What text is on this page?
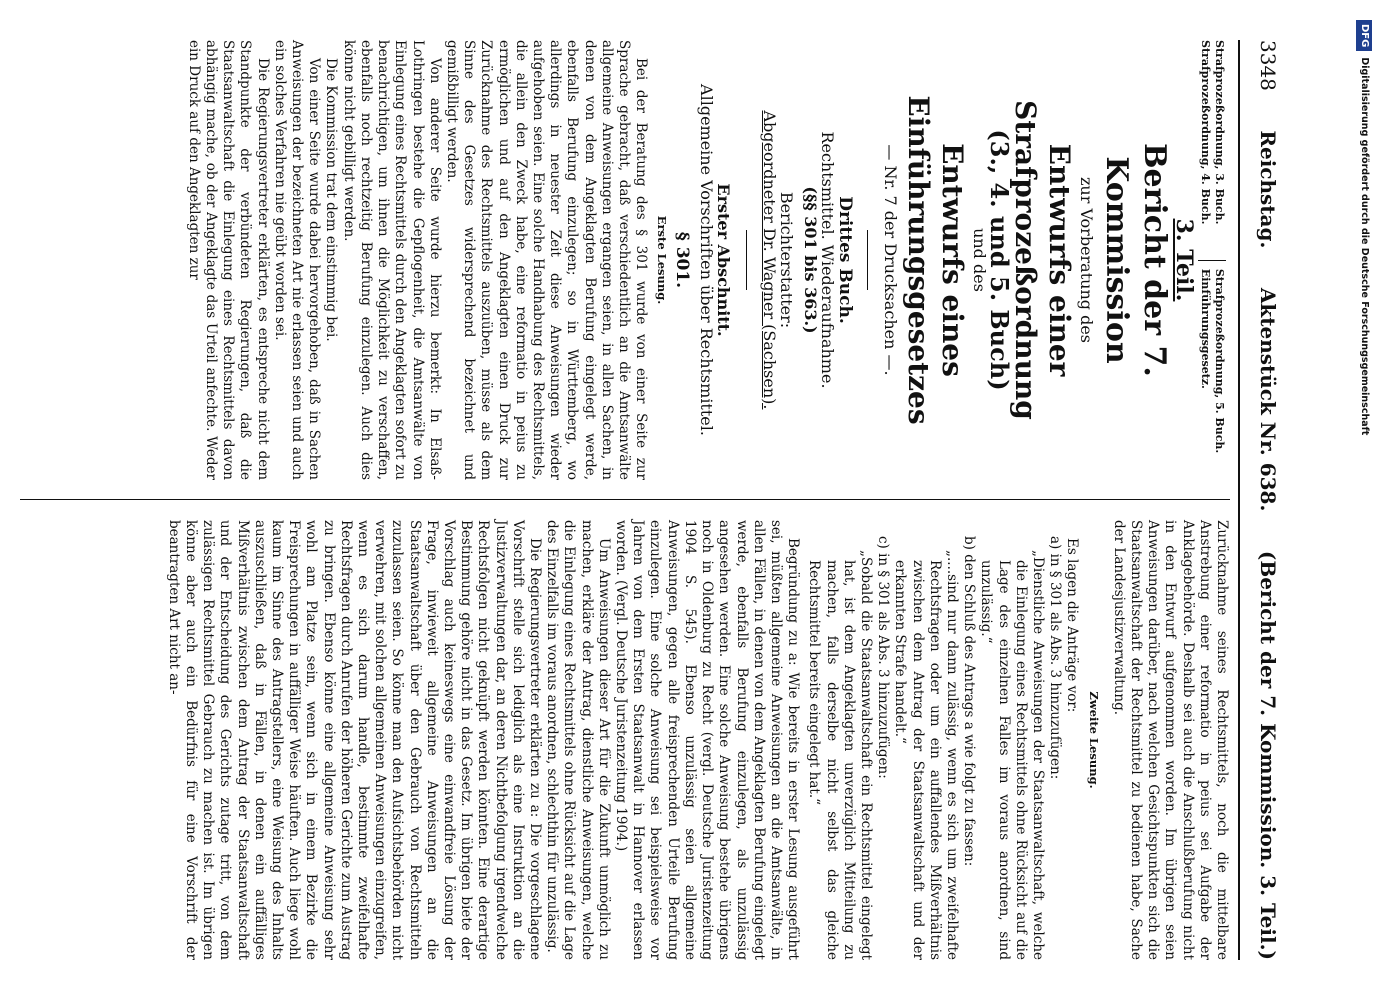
3348
Reichstag.
Aktenstück Nr. 638.
(Bericht der 7. Kommission. 3. Teil.)
Strafprozeßordnung, 3. Buch.
Strafprozeßordnung, 4. Buch.
Strafprozeßordnung, 5. Buch.
Einführungsgesetz.
3. Teil.
Bericht der 7. Kommission
zur Vorberatung des
Entwurfs einer Strafprozeßordnung
(3., 4. und 5. Buch)
und des
Entwurfs eines Einführungsgesetzes
— Nr. 7 der Drucksachen —.
Drittes Buch.
Rechtsmittel. Wiederaufnahme.
(§§ 301 bis 363.)
Berichterstatter:
Abgeordneter Dr. Wagner (Sachsen).
Erster Abschnitt.
Allgemeine Vorschriften über Rechtsmittel.
§ 301.
Erste Lesung.

Bei der Beratung des § 301 wurde von einer Seite zur Sprache gebracht, daß verschiedentlich an die Amtsanwälte allgemeine Anweisungen ergangen seien, in allen Sachen, in denen von dem Angeklagten Berufung eingelegt werde, ebenfalls Berufung einzulegen; so in Württemberg, wo allerdings in neuester Zeit diese Anweisungen wieder aufgehoben seien. Eine solche Handhabung des Rechtsmittels, die allein den Zweck habe, eine reformatio in peius zu ermöglichen und auf den Angeklagten einen Druck zur Zurücknahme des Rechtsmittels auszuüben, müsse als dem Sinne des Gesetzes widersprechend bezeichnet und gemißbilligt werden.

Von anderer Seite wurde hierzu bemerkt: In Elsaß-Lothringen bestehe die Gepflogenheit, die Amtsanwälte von Einlegung eines Rechtsmittels durch den Angeklagten sofort zu benachrichtigen, um ihnen die Möglichkeit zu verschaffen, ebenfalls noch rechtzeitig Berufung einzulegen. Auch dies könne nicht gebilligt werden.

Die Kommission trat dem einstimmig bei.

Von einer Seite wurde dabei hervorgehoben, daß in Sachen Anweisungen der bezeichneten Art nie erlassen seien und auch ein solches Verfahren nie geübt worden sei.

Die Regierungsvertreter erklärten, es entspreche nicht dem Standpunkte der verbündeten Regierungen, daß die Staatsanwaltschaft die Einlegung eines Rechtsmittels davon abhängig mache, ob der Angeklagte das Urteil anfechte. Weder ein Druck auf den Angeklagten zur

Zurücknahme seines Rechtsmittels, noch die mittelbare Anstrebung einer reformatio in peius sei Aufgabe der Anklagebehörde. Deshalb sei auch die Anschlußberufung nicht in den Entwurf aufgenommen worden. Im übrigen seien Anweisungen darüber, nach welchen Gesichtspunkten sich die Staatsanwaltschaft der Rechtsmittel zu bedienen habe, Sache der Landesjustizverwaltung.

Zweite Lesung.

Es lagen die Anträge vor:

a) in § 301 als Abs. 3 hinzuzufügen:

„Dienstliche Anweisungen der Staatsanwaltschaft, welche die Einlegung eines Rechtsmittels ohne Rücksicht auf die Lage des einzelnen Falles im voraus anordnen, sind unzulässig.“

b) den Schluß des Antrags a wie folgt zu fassen:

„....sind nur dann zulässig, wenn es sich um zweifelhafte Rechtsfragen oder um ein auffallendes Mißverhältnis zwischen dem Antrag der Staatsanwaltschaft und der erkannten Strafe handelt.“

c) in § 301 als Abs. 3 hinzuzufügen:

„Sobald die Staatsanwaltschaft ein Rechtsmittel eingelegt hat, ist dem Angeklagten unverzüglich Mitteilung zu machen, falls derselbe nicht selbst das gleiche Rechtsmittel bereits eingelegt hat.“

Begründung zu a: Wie bereits in erster Lesung ausgeführt sei, müßten allgemeine Anweisungen an die Amtsanwälte, in allen Fällen, in denen von dem Angeklagten Berufung eingelegt werde, ebenfalls Berufung einzulegen, als unzulässig angesehen werden. Eine solche Anweisung bestehe übrigens noch in Oldenburg zu Recht (vergl. Deutsche Juristenzeitung 1904 S. 545). Ebenso unzulässig seien allgemeine Anweisungen, gegen alle freisprechenden Urteile Berufung einzulegen. Eine solche Anweisung sei beispielsweise vor Jahren von dem Ersten Staatsanwalt in Hannover erlassen worden. (Vergl. Deutsche Juristenzeitung 1904.)

Um Anweisungen dieser Art für die Zukunft unmöglich zu machen, erkläre der Antrag, dienstliche Anweisungen, welche die Einlegung eines Rechtsmittels ohne Rücksicht auf die Lage des Einzelfalls im voraus anordnen, schlechthin für unzulässig.

Die Regierungsvertreter erklärten zu a: Die vorgeschlagene Vorschrift stelle sich lediglich als eine Instruktion an die Justizverwaltungen dar, an deren Nichtbefolgung irgendwelche Rechtsfolgen nicht geknüpft werden könnten. Eine derartige Bestimmung gehöre nicht in das Gesetz. Im übrigen biete der Vorschlag auch keineswegs eine einwandfreie Lösung der Frage, inwieweit allgemeine Anweisungen an die Staatsanwaltschaft über den Gebrauch von Rechtsmitteln zuzulassen seien. So könne man den Aufsichtsbehörden nicht verwehren, mit solchen allgemeinen Anweisungen einzugreifen, wenn es sich darum handle, bestimmte zweifelhafte Rechtsfragen durch Anrufen der höheren Gerichte zum Austrag zu bringen. Ebenso könne eine allgemeine Anweisung sehr wohl am Platze sein, wenn sich in einem Bezirke die Freisprechungen in auffälliger Weise häuften. Auch liege wohl kaum im Sinne des Antragstellers, eine Weisung des Inhalts auszuschließen, daß in Fällen, in denen ein auffälliges Mißverhältnis zwischen dem Antrag der Staatsanwaltschaft und der Entscheidung des Gerichts zutage tritt, von dem zulässigen Rechtsmittel Gebrauch zu machen ist. Im übrigen könne aber auch ein Bedürfnis für eine Vorschrift der beantragten Art nicht an-

DFG
Digitalisierung gefördert durch die Deutsche Forschungsgemeinschaft
